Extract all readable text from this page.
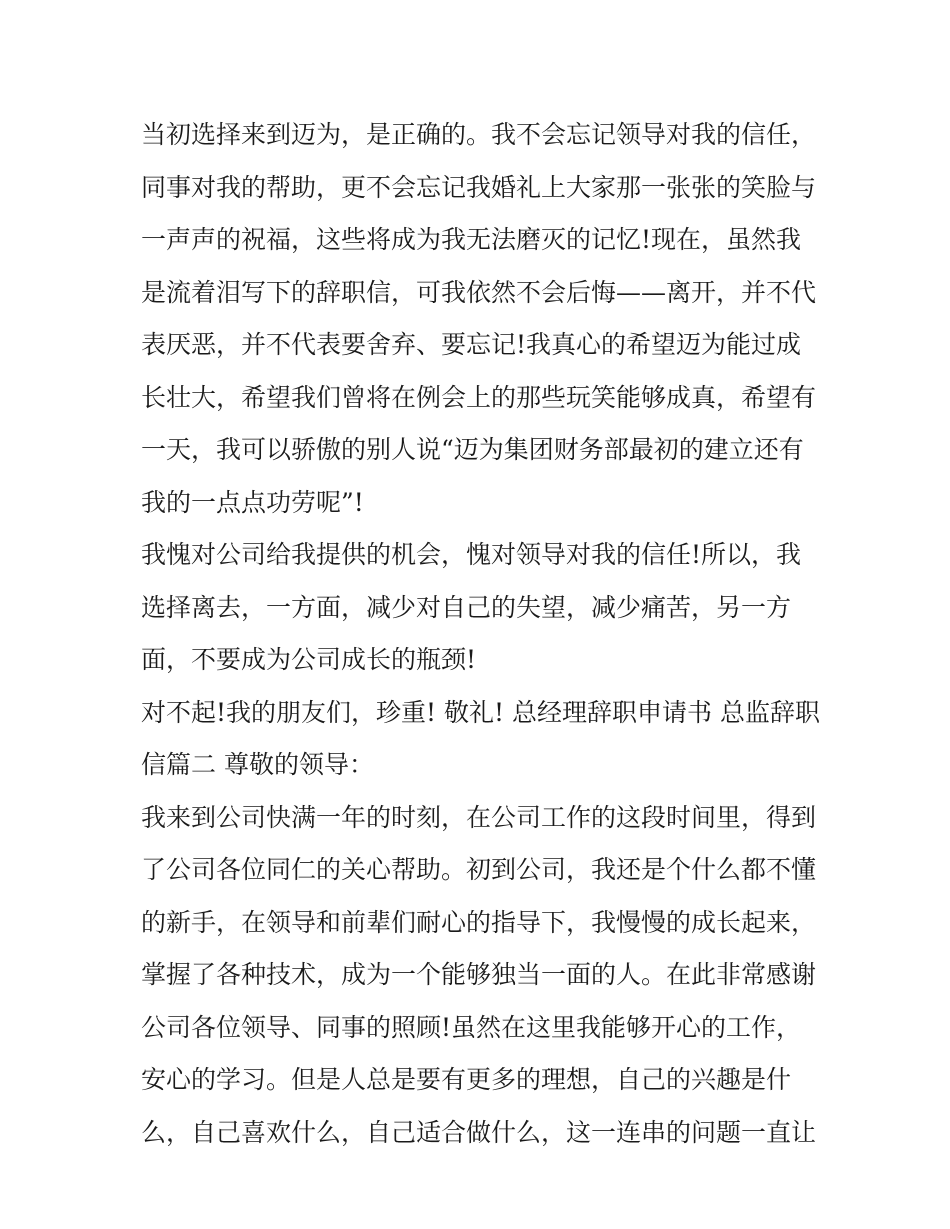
当初选择来到迈为，是正确的。我不会忘记领导对我的信任，
同事对我的帮助，更不会忘记我婚礼上大家那一张张的笑脸与
一声声的祝福，这些将成为我无法磨灭的记忆!现在，虽然我
是流着泪写下的辞职信，可我依然不会后悔——离开，并不代
表厌恶，并不代表要舍弃、要忘记!我真心的希望迈为能过成
长壮大，希望我们曾将在例会上的那些玩笑能够成真，希望有
一天，我可以骄傲的别人说“迈为集团财务部最初的建立还有
我的一点点功劳呢”!
我愧对公司给我提供的机会，愧对领导对我的信任!所以，我
选择离去，一方面，减少对自己的失望，减少痛苦，另一方
面，不要成为公司成长的瓶颈!
对不起!我的朋友们，珍重! 敬礼! 总经理辞职申请书 总监辞职
信篇二 尊敬的领导：
我来到公司快满一年的时刻，在公司工作的这段时间里，得到
了公司各位同仁的关心帮助。初到公司，我还是个什么都不懂
的新手，在领导和前辈们耐心的指导下，我慢慢的成长起来，
掌握了各种技术，成为一个能够独当一面的人。在此非常感谢
公司各位领导、同事的照顾!虽然在这里我能够开心的工作，
安心的学习。但是人总是要有更多的理想，自己的兴趣是什
么，自己喜欢什么，自己适合做什么，这一连串的问题一直让
